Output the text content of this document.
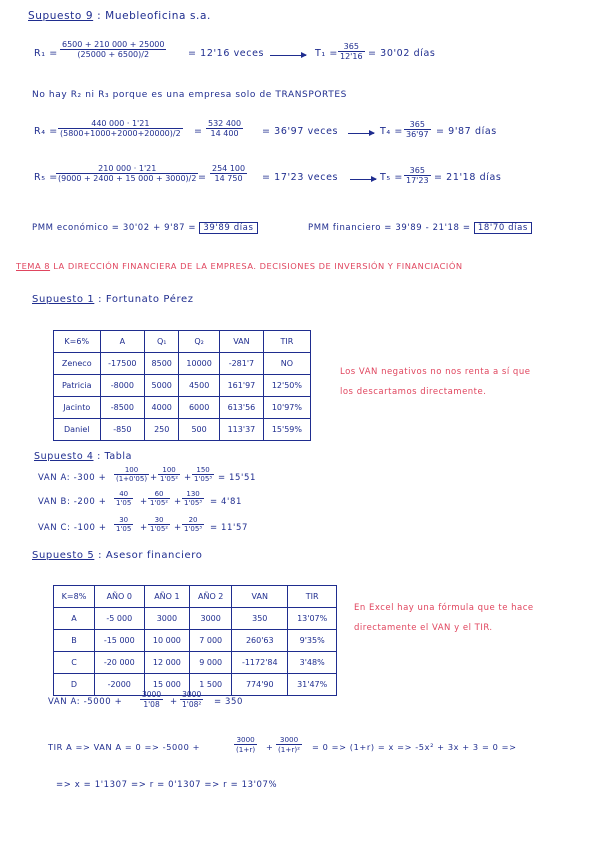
Supuesto 9 : Muebleoficina s.a.
$R_1 = \frac{6500 + 210 000 + 25000}{(25000 + 6500)/2} = 12'16$ veces	$T_1 = \frac{365}{12'16} = 30'02$ días
No hay R₂ ni R₃ porque es una empresa solo de TRANSPORTES
$R_4 = \frac{440 000 \cdot 1'21}{(5800+1000+2000+20000)/2} = \frac{532 400}{14 400} = 36'97$ veces	$T_4 = \frac{365}{36'97} = 9'87$ días
R₅ =
$\frac{210 000 \cdot 1'21}{(9000 + 2400 + 15 000 + 3000)/2} = \frac{254 100}{14 750} = 17'23$ veces	$T_5 = \frac{365}{17'23} = 21'18$ días
PMM económico = 30'02 + 9'87 = 39'89 días	PMM financiero = 39'89 - 21'18 = 18'70 días
TEMA 8 LA DIRECCIÓN FINANCIERA DE LA EMPRESA. DECISIONES DE INVERSIÓN Y FINANCIACIÓN
Supuesto 1 : Fortunato Pérez
K=6%	A	Q₁	Q₂	VAN	TIR
Zeneco	-17500	8500	10000	-281'7	NO
Patricia	-8000	5000	4500	161'97	12'50%
Jacinto	-8500	4000	6000	613'56	10'97%
Daniel	-850	250	500	113'37	15'59%
Los VAN negativos no nos renta a sí que los descartamos directamente.
Supuesto 4 : Tabla
VAN A: $-300 + \frac{100}{(1+0'05)} + \frac{100}{\text{1'05²}} + \frac{150}{\text{1'05³}} = 15'51$
VAN B: $-200 + \frac{40}{1'05} + \frac{60}{\text{1'05²}} + \frac{130}{\text{1'05³}} = 4'81$
VAN C: $-100 + \frac{30}{1'05} + \frac{30}{\text{1'05²}} + \frac{20}{\text{1'05³}} = 11'57$
Supuesto 5 : Asesor financiero
K=8%	AÑO 0	AÑO 1	AÑO 2	VAN	TIR
A	-5 000	3000	3000	350	13'07%
B	-15 000	10 000	7 000	260'63	9'35%
C	-20 000	12 000	9 000	-1172'84	3'48%
D	-2000	15 000	1 500	774'90	31'47%
En Excel hay una fórmula que te hace directamente el VAN y el TIR.
VAN A: $-5000 + \frac{3000}{1'08} + \frac{3000}{\text{1'08²}} = 350$
TIR A => VAN A = 0 => -5000 +	$\frac{3000}{(1+r)} + \frac{3000}{\text{(1+r)²}} = 0 => (1+r) = x => -5x^2 + 3x + 3 = 0$ =>
=> x = 1'1307 => r = 0'1307 => r = 13'07%
